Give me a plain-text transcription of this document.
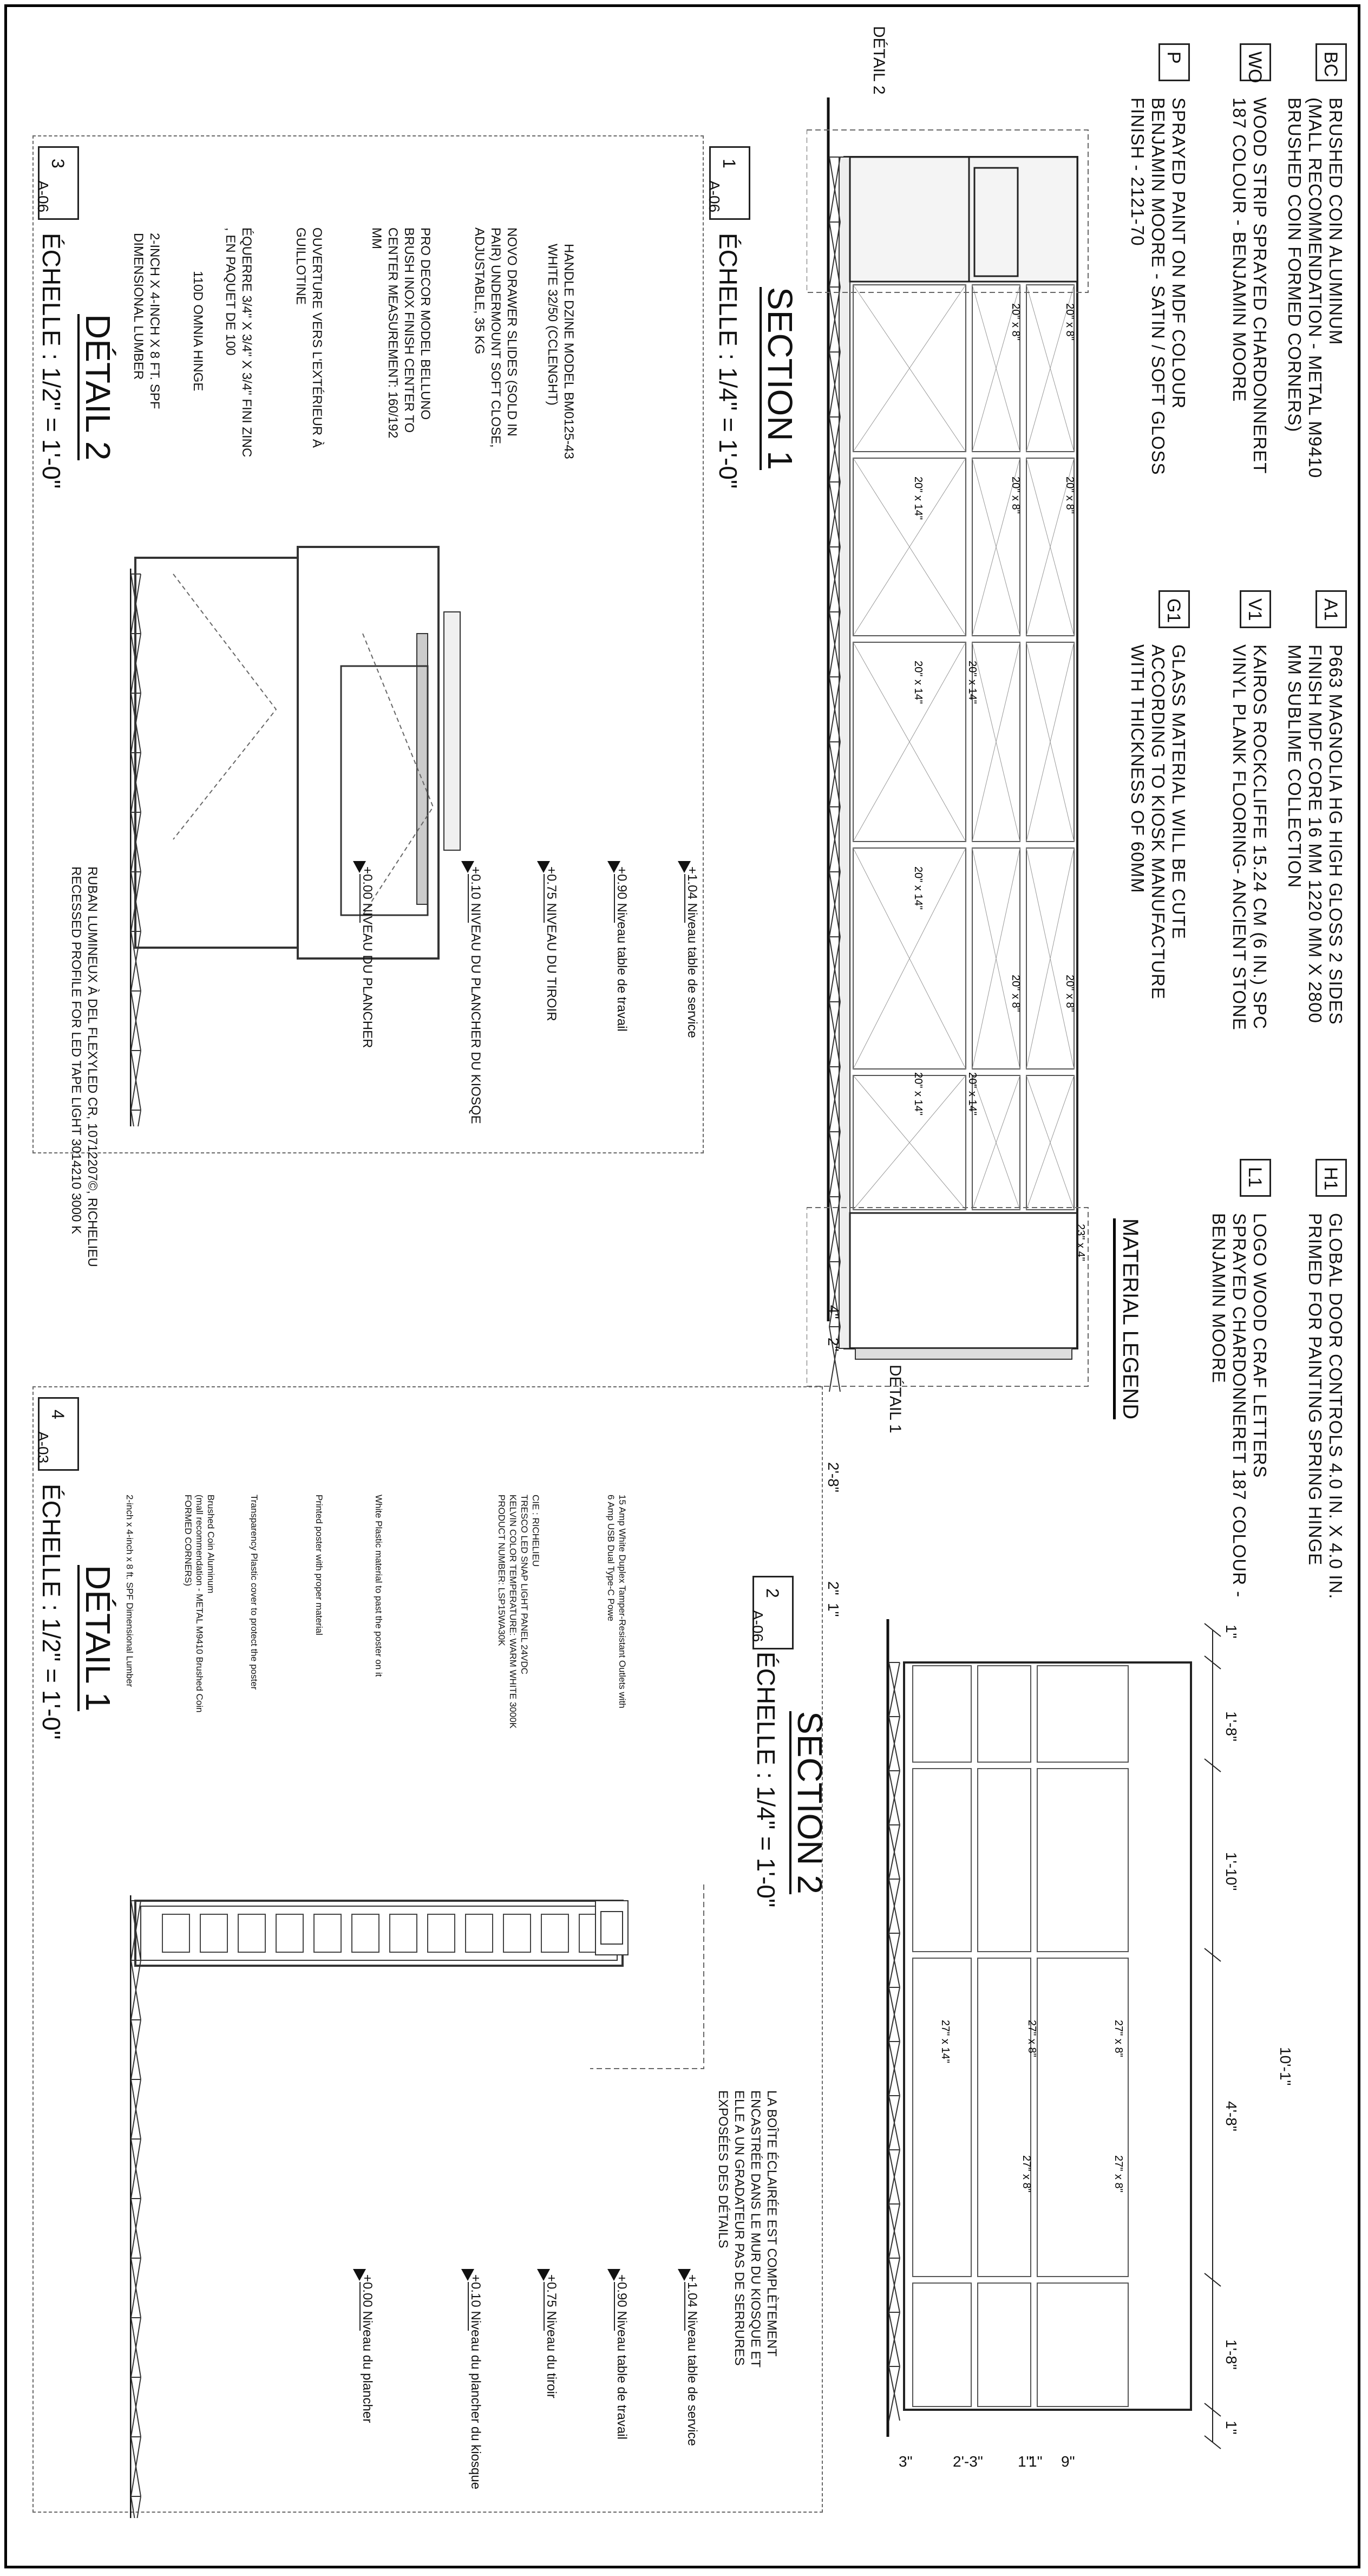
BC
BRUSHED COIN ALUMINUM
(MALL RECOMMENDATION - METAL M9410
BRUSHED COIN FORMED CORNERS)
A1
P663 MAGNOLIA HG HIGH GLOSS 2 SIDES
FINISH MDF CORE 16 MM 1220 MM X 2800
MM SUBLIME COLLECTION
H1
GLOBAL DOOR CONTROLS 4.0 IN. X 4.0 IN.
PRIMED FOR PAINTING SPRING HINGE
WO
WOOD STRIP SPRAYED CHARDONNERET
187 COLOUR - BENJAMIN MOORE
V1
KAIROS ROCKCLIFFE 15.24 CM (6 IN.) SPC
VINYL PLANK FLOORING- ANCIENT STONE
L1
LOGO WOOD CRAF LETTERS
SPRAYED CHARDONNERET 187 COLOUR -
BENJAMIN MOORE
P
SPRAYED PAINT ON MDF COLOUR
BENJAMIN MOORE - SATIN / SOFT GLOSS
FINISH - 2121-70
G1
GLASS MATERIAL WILL BE CUTE
ACCORDING TO KIOSK MANUFACTURE
WITH THICKNESS OF 60MM
MATERIAL LEGEND
20" x 8"
20" x 8"
20" x 8"
20" x 8"
20" x 14"
20" x 14"	20" x 14"
20" x 14"
20" x 8"
20" x 8"
20" x 14"	20" x 14"
23" x 4"
DÉTAIL 2
DÉTAIL 1
4"
2"
2'-8"
2"
1"
SECTION 1
ÉCHELLE : 1/4" = 1'-0"
1
A-06
3
A-06
DÉTAIL 2
ÉCHELLE : 1/2" = 1'-0"	HANDLE DZINE MODEL BM0125-43
WHITE 32/50 (CCLENGHT)
NOVO DRAWER SLIDES (SOLD IN
PAIR) UNDERMOUNT SOFT CLOSE,
ADJUSTABLE, 35 KG
PRO DECOR MODEL BELLUNO
BRUSH INOX FINISH CENTER TO
CENTER MEASUREMENT: 160/192
MM
OUVERTURE VERS L'EXTÉRIEUR À
GUILLOTINE
ÉQUERRE 3/4" X 3/4" X 3/4" FINI ZINC
, EN PAQUET DE 100
110D OMNIA HINGE
2-INCH X 4-INCH X 8 FT. SPF
DIMENSIONAL LUMBER
RUBAN LUMINEUX À DEL FLEXYLED CR, 10712207©, RICHELIEU
RECESSED PROFILE FOR LED TAPE LIGHT 3014210 3000 K	+1.04 Niveau table de service
+0.90 Niveau table de travail
+0.75 NIVEAU DU TIROIR
+0.10 NIVEAU DU PLANCHER DU KIOSQE
+0.00 NIVEAU DU PLANCHER
4
A-03
DÉTAIL 1
ÉCHELLE : 1/2" = 1'-0"	15 Amp White Duplex Tamper-Resistant Outlets with
6 Amp USB Dual Type-C Powe
CIE : RICHELIEU
TRESCO LED SNAP LIGHT PANEL 24VDC
KELVIN COLOR TEMPERATURE: WARM WHITE 3000K
PRODUCT NUMBER: LSP15WA30K
White Plastic material to past the poster on it
Printed poster with proper material
Transparency Plastic cover to protect the poster
Brushed Coin Aluminum
(mall recommendation - METAL M9410 Brushed Coin
FORMED CORNERS)
2-inch x 4-inch x 8 ft. SPF Dimensional Lumber
LA BOÎTE ÉCLAIRÉE EST COMPLÈTEMENT
ENCASTRÉE DANS LE MUR DU KIOSQUE ET
ELLE A UN GRADATEUR PAS DE SERRURES
EXPOSÉES DES DÉTAILS
+1.04 Niveau table de service
+0.90 Niveau table de travail
+0.75 Niveau du tiroir
+0.10 Niveau du plancher du kiosque
+0.00 Niveau du plancher
2
A-06
SECTION 2
ÉCHELLE : 1/4" = 1'-0"
27" x 8"
27" x 8"
27" x 8"
27" x 8"
27" x 14"
1"
1'-8"
1'-10"
4'-8"
1'-8"
1"
10'-1"
3"	2'-3" 1"
1" 9"
